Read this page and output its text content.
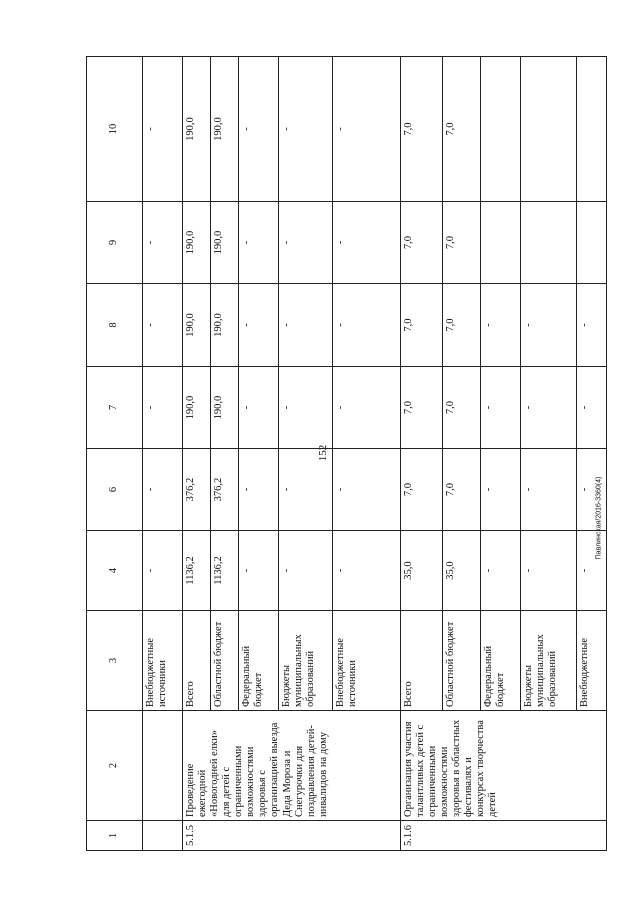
152
Павлинская/2016-3360(4)
1	2	3	4	6	7	8	9	10
		Внебюджетные источники	-	-	-	-	-	-
5.1.5	Проведение ежегодной «Новогодней елки» для детей с ограниченными возможностями здоровья с организацией выезда Деда Мороза и Снегурочки для поздравления детей-инвалидов на дому	Всего	1136,2	376,2	190,0	190,0	190,0	190,0
		Областной бюджет	1136,2	376,2	190,0	190,0	190,0	190,0
		Федеральный бюджет	-	-	-	-	-	-
		Бюджеты муниципальных образований	-	-	-	-	-	-
		Внебюджетные источники	-	-	-	-	-	-
5.1.6	Организация участия талантливых детей с ограниченными возможностями здоровья в областных фестивалях и конкурсах творчества детей	Всего	35,0	7,0	7,0	7,0	7,0	7,0
		Областной бюджет	35,0	7,0	7,0	7,0	7,0	7,0
		Федеральный бюджет	-	-	-	-		
		Бюджеты муниципальных образований	-	-	-	-		
		Внебюджетные	-	-	-	-		
